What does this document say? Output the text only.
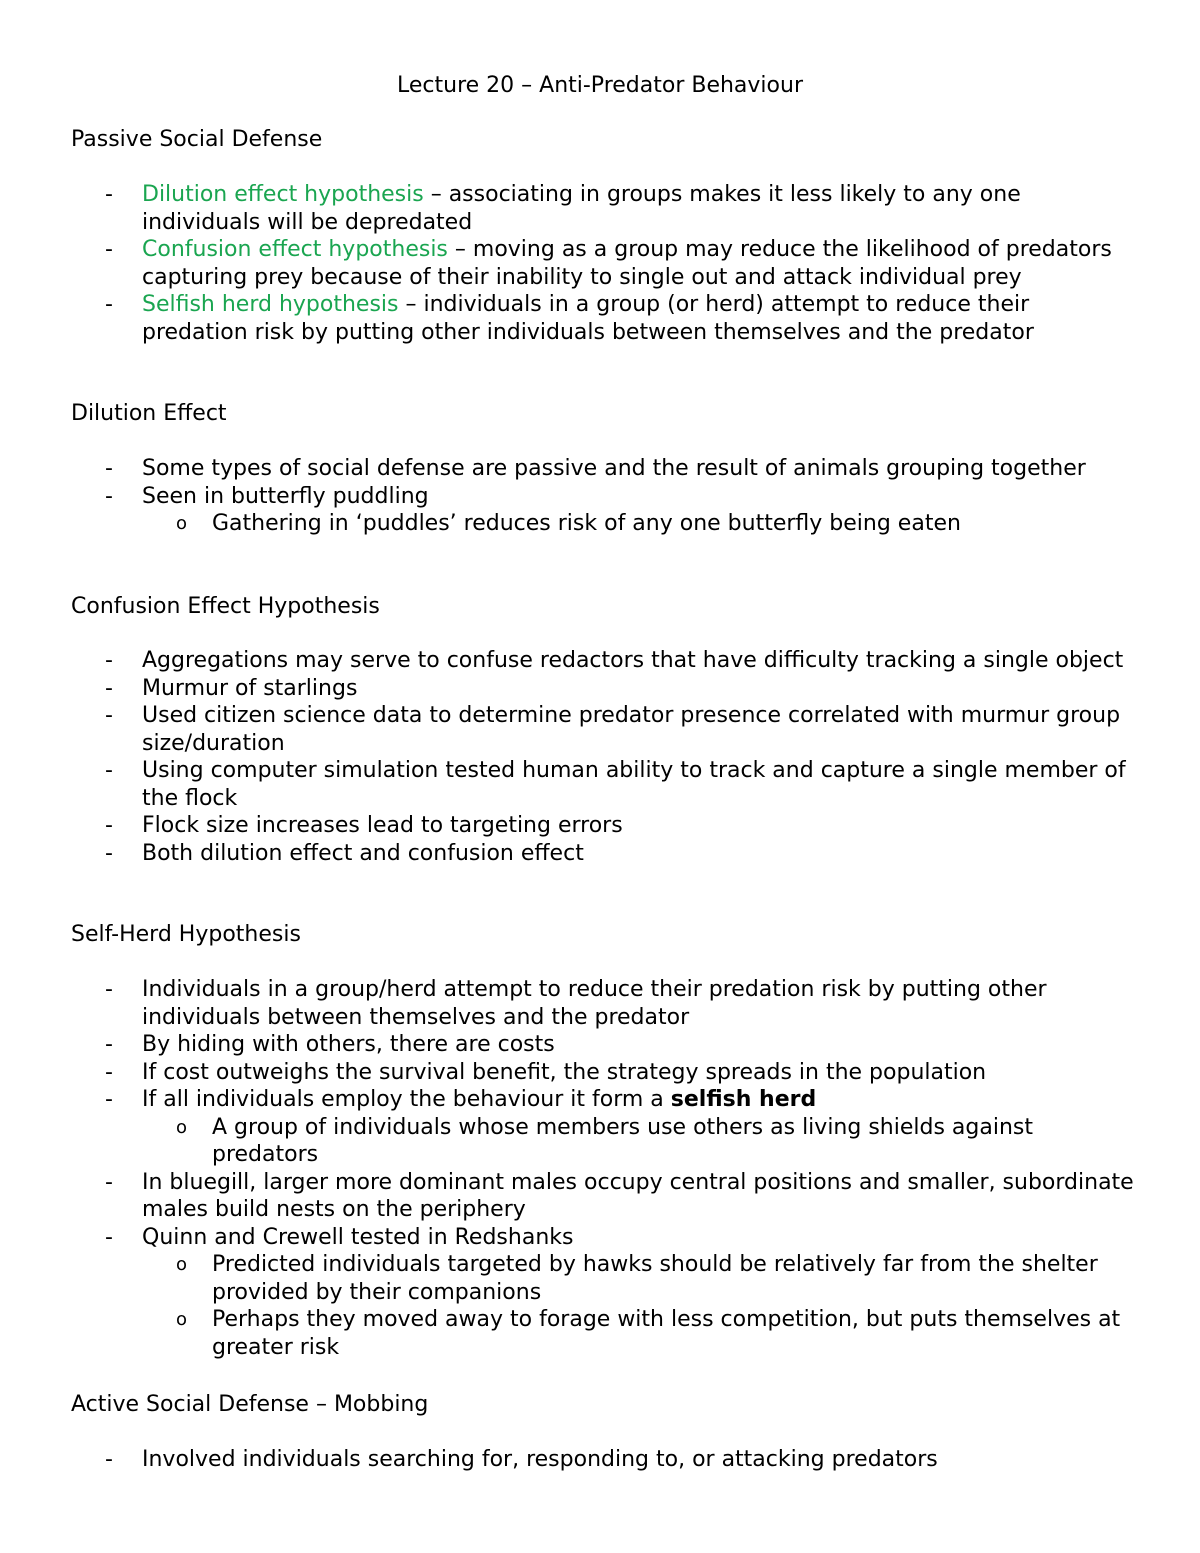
Lecture 20 – Anti-Predator Behaviour
Passive Social Defense
- Dilution effect hypothesis – associating in groups makes it less likely to any one individuals will be depredated
- Confusion effect hypothesis – moving as a group may reduce the likelihood of predators capturing prey because of their inability to single out and attack individual prey
- Selfish herd hypothesis – individuals in a group (or herd) attempt to reduce their predation risk by putting other individuals between themselves and the predator
Dilution Effect
- Some types of social defense are passive and the result of animals grouping together
- Seen in butterfly puddling
o Gathering in ‘puddles’ reduces risk of any one butterfly being eaten
Confusion Effect Hypothesis
- Aggregations may serve to confuse redactors that have difficulty tracking a single object
- Murmur of starlings
- Used citizen science data to determine predator presence correlated with murmur group size/duration
- Using computer simulation tested human ability to track and capture a single member of the flock
- Flock size increases lead to targeting errors
- Both dilution effect and confusion effect
Self-Herd Hypothesis
- Individuals in a group/herd attempt to reduce their predation risk by putting other individuals between themselves and the predator
- By hiding with others, there are costs
- If cost outweighs the survival benefit, the strategy spreads in the population
- If all individuals employ the behaviour it form a selfish herd
o A group of individuals whose members use others as living shields against predators
- In bluegill, larger more dominant males occupy central positions and smaller, subordinate males build nests on the periphery
- Quinn and Crewell tested in Redshanks
o Predicted individuals targeted by hawks should be relatively far from the shelter provided by their companions
o Perhaps they moved away to forage with less competition, but puts themselves at greater risk
Active Social Defense – Mobbing
- Involved individuals searching for, responding to, or attacking predators
